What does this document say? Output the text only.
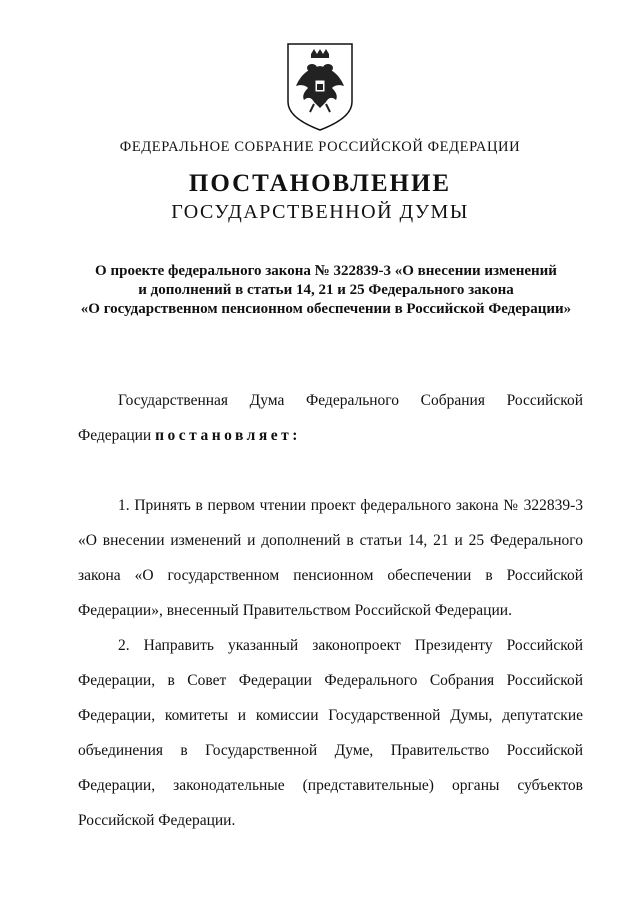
ФЕДЕРАЛЬНОЕ СОБРАНИЕ РОССИЙСКОЙ ФЕДЕРАЦИИ
ПОСТАНОВЛЕНИЕ
ГОСУДАРСТВЕННОЙ ДУМЫ
О проекте федерального закона № 322839-3 «О внесении изменений
и дополнений в статьи 14, 21 и 25 Федерального закона
«О государственном пенсионном обеспечении в Российской Федерации»
Государственная Дума Федерального Собрания Российской
Федерации постановляет:
1. Принять в первом чтении проект федерального закона № 322839-3
«О внесении изменений и дополнений в статьи 14, 21 и 25 Федерального
закона «О государственном пенсионном обеспечении в Российской
Федерации», внесенный Правительством Российской Федерации.
2. Направить указанный законопроект Президенту Российской
Федерации, в Совет Федерации Федерального Собрания Российской
Федерации, комитеты и комиссии Государственной Думы, депутатские
объединения в Государственной Думе, Правительство Российской
Федерации, законодательные (представительные) органы субъектов
Российской Федерации.
